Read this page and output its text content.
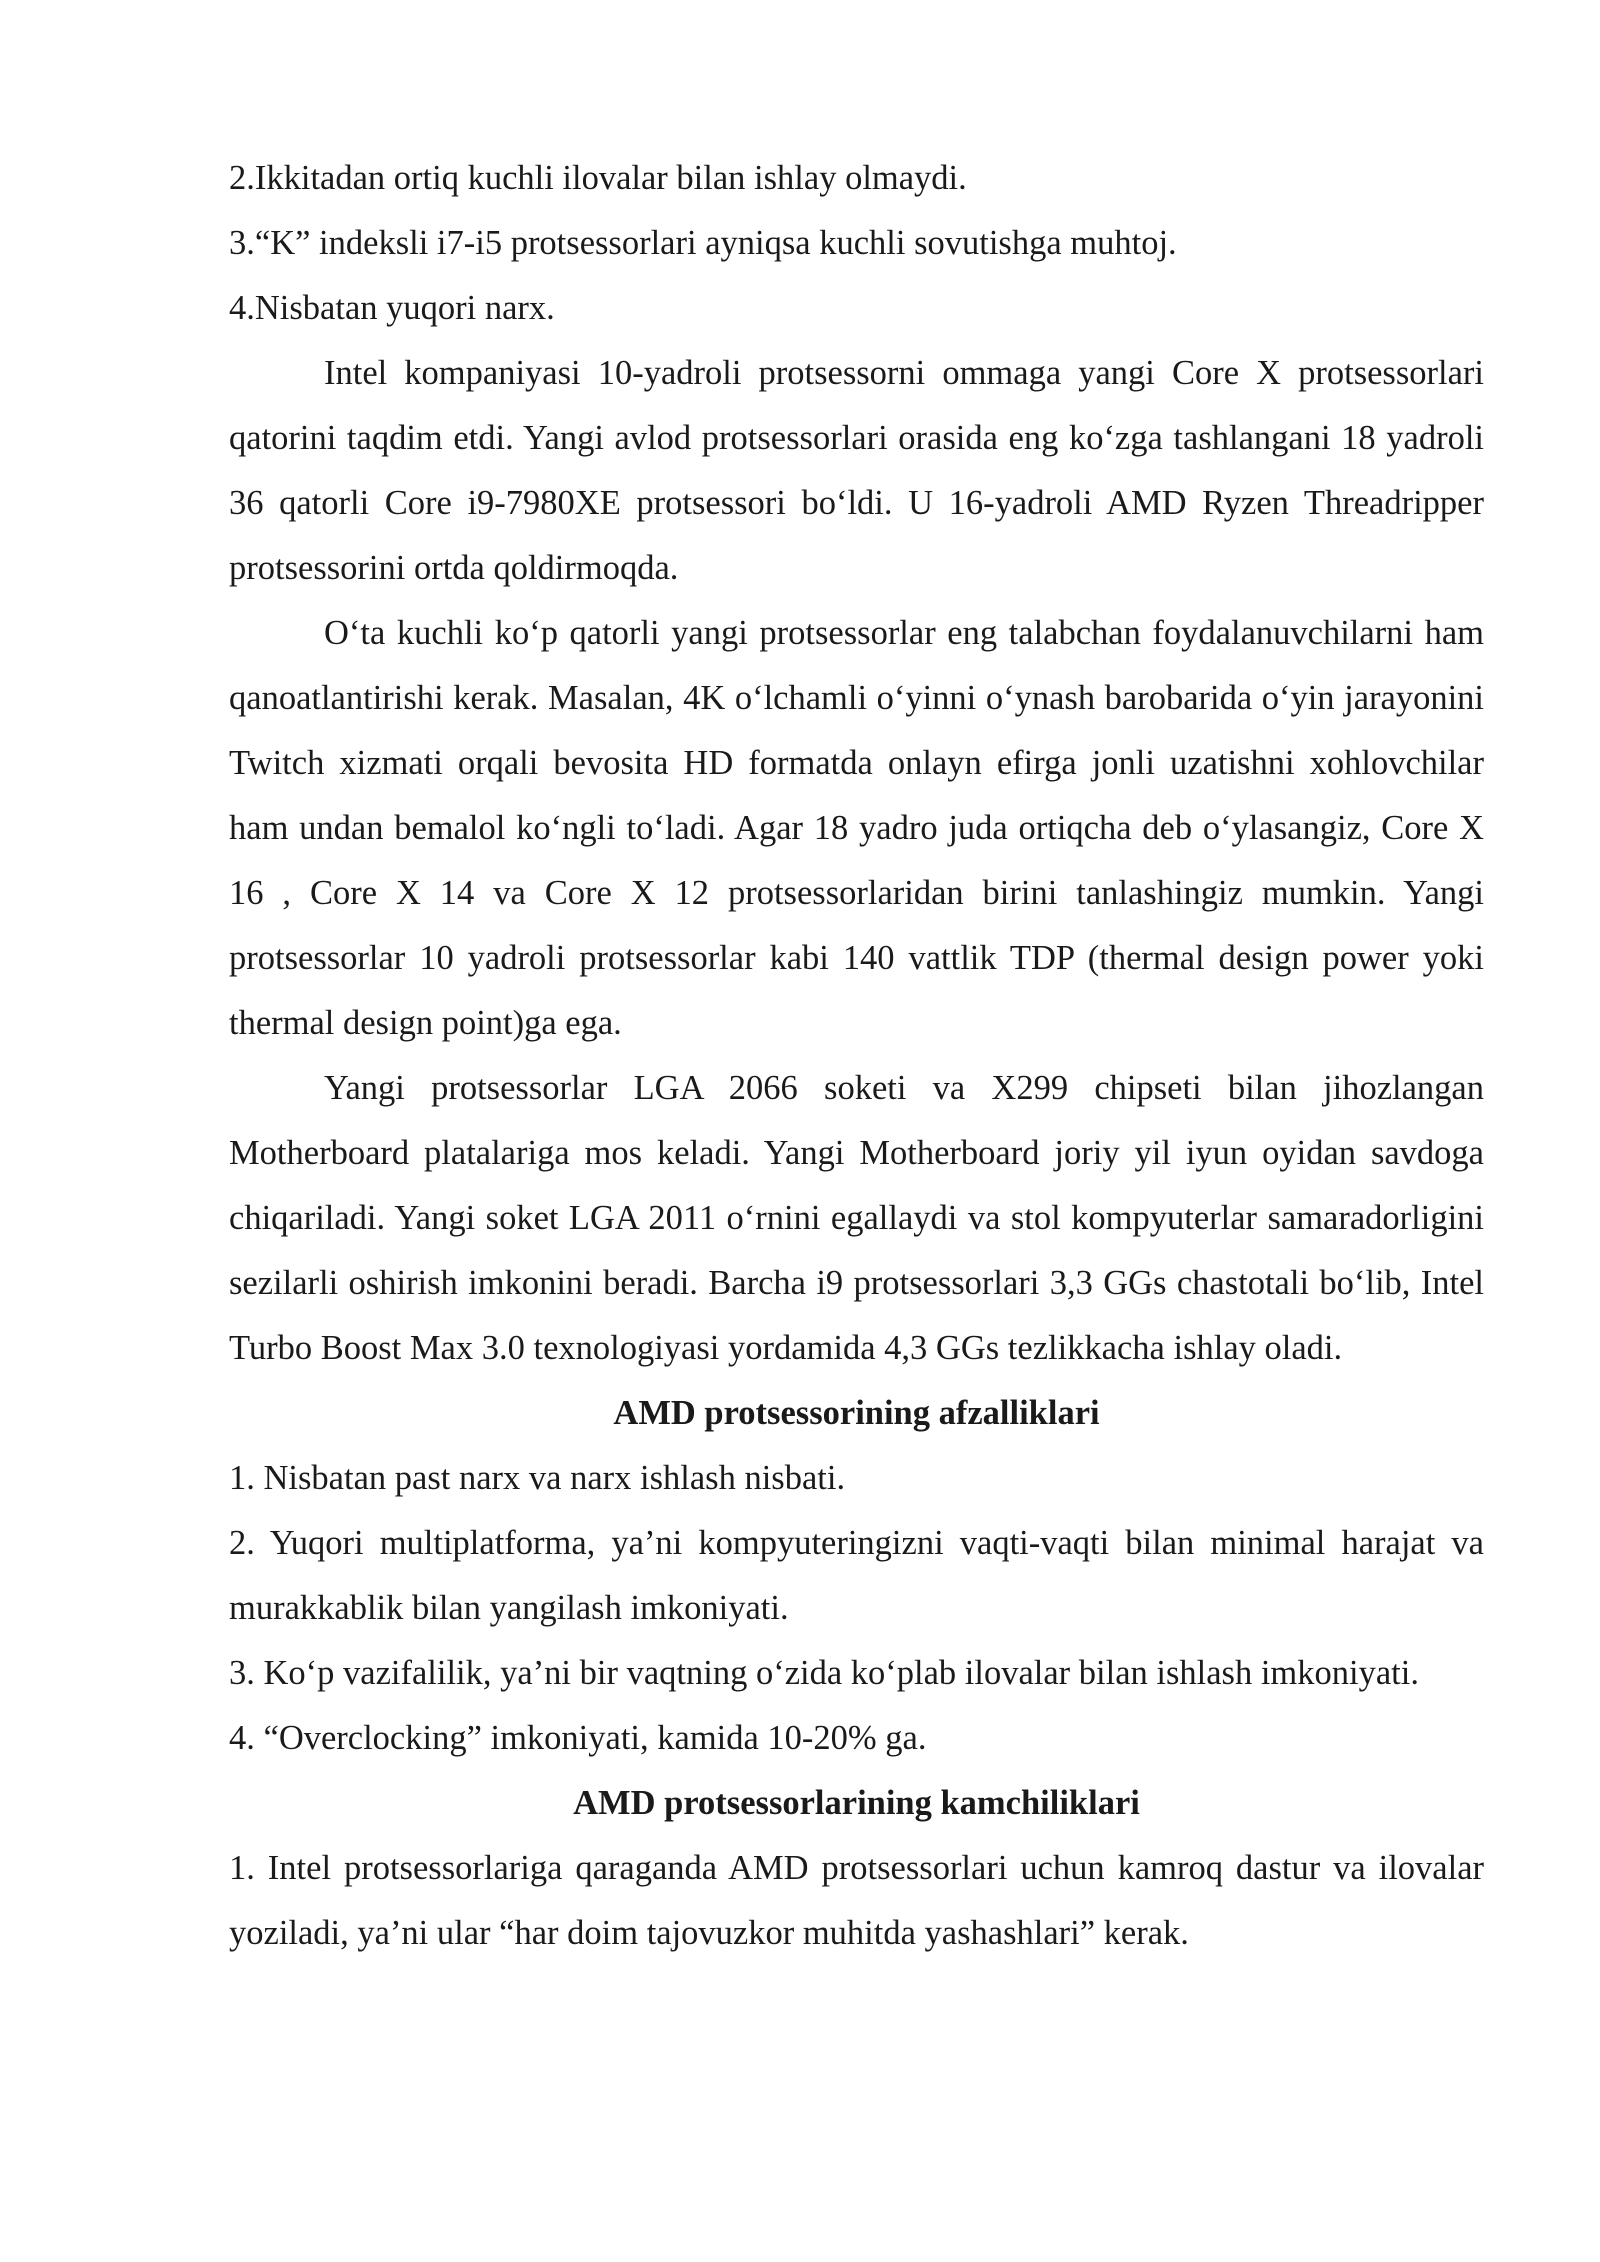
2.Ikkitadan ortiq kuchli ilovalar bilan ishlay olmaydi.

3.“K” indeksli i7-i5 protsessorlari ayniqsa kuchli sovutishga muhtoj.

4.Nisbatan yuqori narx.

Intel kompaniyasi 10-yadroli protsessorni ommaga yangi Core X protsessorlari qatorini taqdim etdi. Yangi avlod protsessorlari orasida eng ko‘zga tashlangani 18 yadroli 36 qatorli Core i9-7980XE protsessori bo‘ldi. U 16-yadroli AMD Ryzen Threadripper protsessorini ortda qoldirmoqda.

O‘ta kuchli ko‘p qatorli yangi protsessorlar eng talabchan foydalanuvchilarni ham qanoatlantirishi kerak. Masalan, 4K o‘lchamli o‘yinni o‘ynash barobarida o‘yin jarayonini Twitch xizmati orqali bevosita HD formatda onlayn efirga jonli uzatishni xohlovchilar ham undan bemalol ko‘ngli to‘ladi. Agar 18 yadro juda ortiqcha deb o‘ylasangiz, Core X 16 , Core X 14 va Core X 12 protsessorlaridan birini tanlashingiz mumkin. Yangi protsessorlar 10 yadroli protsessorlar kabi 140 vattlik TDP (thermal design power yoki thermal design point)ga ega.

Yangi protsessorlar LGA 2066 soketi va X299 chipseti bilan jihozlangan Motherboard platalariga mos keladi. Yangi Motherboard joriy yil iyun oyidan savdoga chiqariladi. Yangi soket LGA 2011 o‘rnini egallaydi va stol kompyuterlar samaradorligini sezilarli oshirish imkonini beradi. Barcha i9 protsessorlari 3,3 GGs chastotali bo‘lib, Intel Turbo Boost Max 3.0 texnologiyasi yordamida 4,3 GGs tezlikkacha ishlay oladi.

AMD protsessorining afzalliklari

1. Nisbatan past narx va narx ishlash nisbati.

2. Yuqori multiplatforma, ya’ni kompyuteringizni vaqti-vaqti bilan minimal harajat va murakkablik bilan yangilash imkoniyati.

3. Ko‘p vazifalilik, ya’ni bir vaqtning o‘zida ko‘plab ilovalar bilan ishlash imkoniyati.

4. “Overclocking” imkoniyati, kamida 10-20% ga.

AMD protsessorlarining kamchiliklari

1. Intel protsessorlariga qaraganda AMD protsessorlari uchun kamroq dastur va ilovalar yoziladi, ya’ni ular “har doim tajovuzkor muhitda yashashlari” kerak.
